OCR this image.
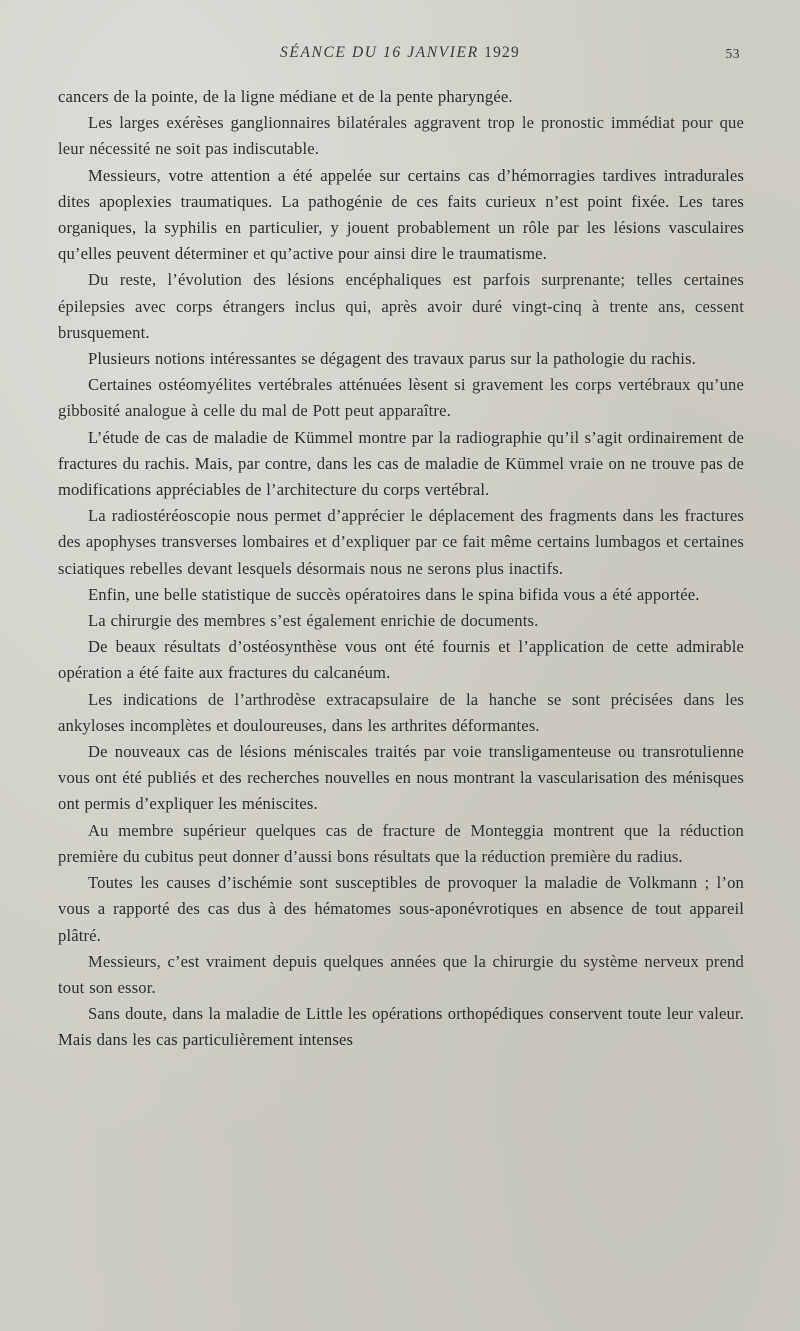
SÉANCE DU 16 JANVIER 1929	53

cancers de la pointe, de la ligne médiane et de la pente pharyngée.

Les larges exérèses ganglionnaires bilatérales aggravent trop le pronostic immédiat pour que leur nécessité ne soit pas indiscutable.

Messieurs, votre attention a été appelée sur certains cas d’hémorragies tardives intradurales dites apoplexies traumatiques. La pathogénie de ces faits curieux n’est point fixée. Les tares organiques, la syphilis en particulier, y jouent probablement un rôle par les lésions vasculaires qu’elles peuvent déterminer et qu’active pour ainsi dire le traumatisme.

Du reste, l’évolution des lésions encéphaliques est parfois surprenante; telles certaines épilepsies avec corps étrangers inclus qui, après avoir duré vingt-cinq à trente ans, cessent brusquement.

Plusieurs notions intéressantes se dégagent des travaux parus sur la pathologie du rachis.

Certaines ostéomyélites vertébrales atténuées lèsent si gravement les corps vertébraux qu’une gibbosité analogue à celle du mal de Pott peut apparaître.

L’étude de cas de maladie de Kümmel montre par la radiographie qu’il s’agit ordinairement de fractures du rachis. Mais, par contre, dans les cas de maladie de Kümmel vraie on ne trouve pas de modifications appréciables de l’architecture du corps vertébral.

La radiostéréoscopie nous permet d’apprécier le déplacement des fragments dans les fractures des apophyses transverses lombaires et d’expliquer par ce fait même certains lumbagos et certaines sciatiques rebelles devant lesquels désormais nous ne serons plus inactifs.

Enfin, une belle statistique de succès opératoires dans le spina bifida vous a été apportée.

La chirurgie des membres s’est également enrichie de documents.

De beaux résultats d’ostéosynthèse vous ont été fournis et l’application de cette admirable opération a été faite aux fractures du calcanéum.

Les indications de l’arthrodèse extracapsulaire de la hanche se sont précisées dans les ankyloses incomplètes et douloureuses, dans les arthrites déformantes.

De nouveaux cas de lésions méniscales traités par voie transligamenteuse ou transrotulienne vous ont été publiés et des recherches nouvelles en nous montrant la vascularisation des ménisques ont permis d’expliquer les méniscites.

Au membre supérieur quelques cas de fracture de Monteggia montrent que la réduction première du cubitus peut donner d’aussi bons résultats que la réduction première du radius.

Toutes les causes d’ischémie sont susceptibles de provoquer la maladie de Volkmann ; l’on vous a rapporté des cas dus à des hématomes sous-aponévrotiques en absence de tout appareil plâtré.

Messieurs, c’est vraiment depuis quelques années que la chirurgie du système nerveux prend tout son essor.

Sans doute, dans la maladie de Little les opérations orthopédiques conservent toute leur valeur. Mais dans les cas particulièrement intenses
